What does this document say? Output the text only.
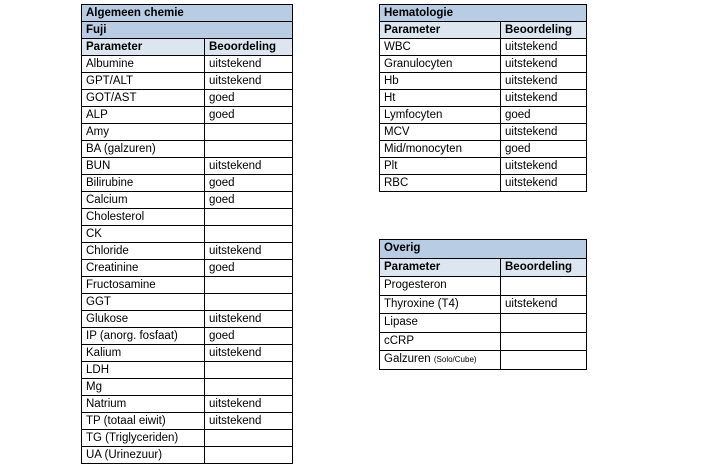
Algemeen chemie	
Fuji	
Parameter	Beoordeling
Albumine	uitstekend
GPT/ALT	uitstekend
GOT/AST	goed
ALP	goed
Amy	
BA (galzuren)	
BUN	uitstekend
Bilirubine	goed
Calcium	goed
Cholesterol	
CK	
Chloride	uitstekend
Creatinine	goed
Fructosamine	
GGT	
Glukose	uitstekend
IP (anorg. fosfaat)	goed
Kalium	uitstekend
LDH	
Mg	
Natrium	uitstekend
TP (totaal eiwit)	uitstekend
TG (Triglyceriden)	
UA (Urinezuur)	
Hematologie	
Parameter	Beoordeling
WBC	uitstekend
Granulocyten	uitstekend
Hb	uitstekend
Ht	uitstekend
Lymfocyten	goed
MCV	uitstekend
Mid/monocyten	goed
Plt	uitstekend
RBC	uitstekend
Overig	
Parameter	Beoordeling
Progesteron	
Thyroxine (T4)	uitstekend
Lipase	
cCRP	
Galzuren (Solo/Cube)	
